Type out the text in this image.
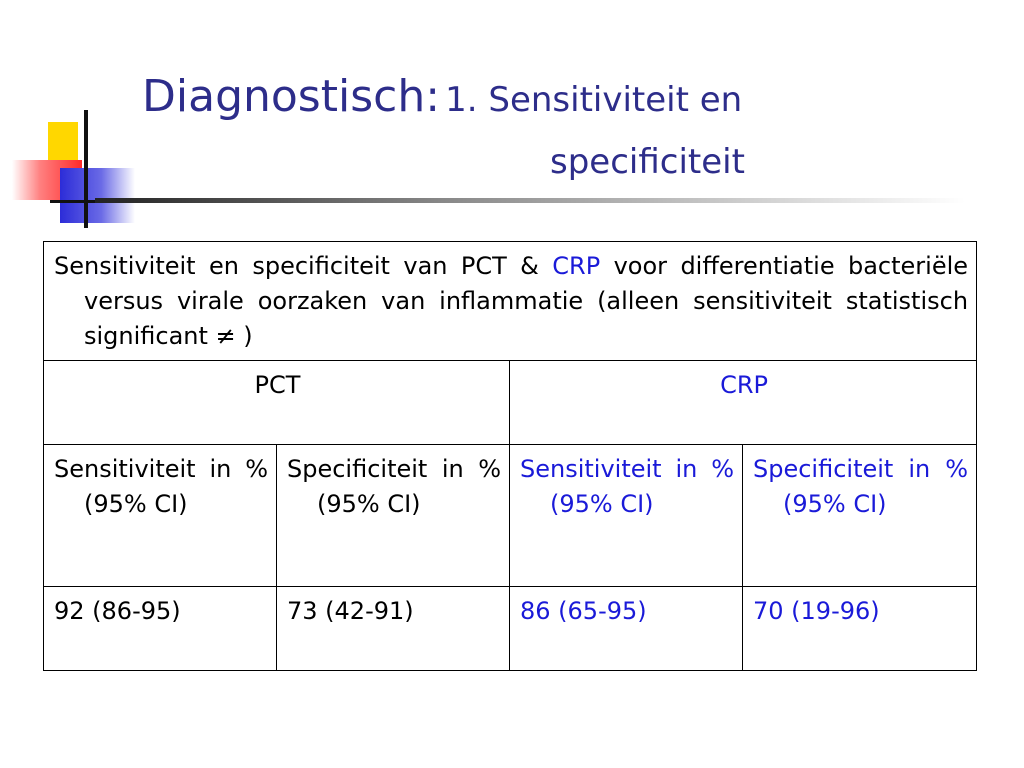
Diagnostisch: 1. Sensitiviteit en
specificiteit
Sensitiviteit en specificiteit van PCT & CRP voor differentiatie bacteriële versus virale oorzaken van inflammatie (alleen sensitiviteit statistisch significant ≠ )			
PCT		CRP	
Sensitiviteit in % (95% CI)	Specificiteit in % (95% CI)	Sensitiviteit in % (95% CI)	Specificiteit in % (95% CI)
92 (86-95)	73 (42-91)	86 (65-95)	70 (19-96)
